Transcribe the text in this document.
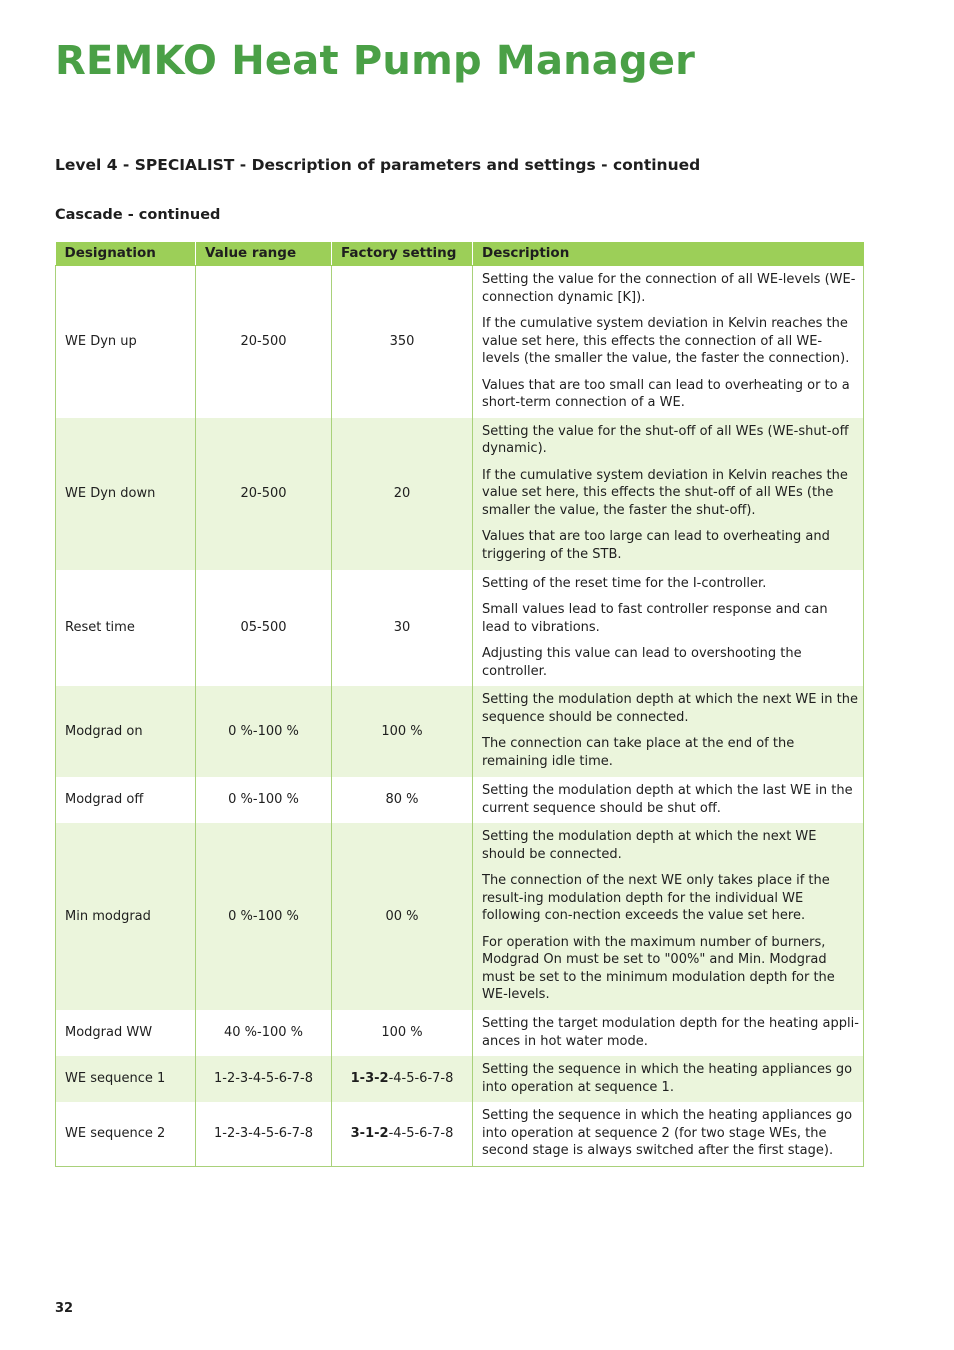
REMKO Heat Pump Manager
Level 4 - SPECIALIST - Description of parameters and settings - continued
Cascade - continued
Designation	Value range	Factory setting	Description
WE Dyn up	20-500	350	Setting the value for the connection of all WE-levels (WE-connection dynamic [K]).

If the cumulative system deviation in Kelvin reaches the value set here, this effects the connection of all WE-levels (the smaller the value, the faster the connection).

Values that are too small can lead to overheating or to a short-term connection of a WE.

WE Dyn down	20-500	20	Setting the value for the shut-off of all WEs (WE-shut-off dynamic).

If the cumulative system deviation in Kelvin reaches the value set here, this effects the shut-off of all WEs (the smaller the value, the faster the shut-off).

Values that are too large can lead to overheating and triggering of the STB.

Reset time	05-500	30	Setting of the reset time for the I-controller.

Small values lead to fast controller response and can lead to vibrations.

Adjusting this value can lead to overshooting the controller.

Modgrad on	0 %-100 %	100 %	Setting the modulation depth at which the next WE in the sequence should be connected.

The connection can take place at the end of the remaining idle time.

Modgrad off	0 %-100 %	80 %	Setting the modulation depth at which the last WE in the current sequence should be shut off.

Min modgrad	0 %-100 %	00 %	Setting the modulation depth at which the next WE should be connected.

The connection of the next WE only takes place if the result-ing modulation depth for the individual WE following con-nection exceeds the value set here.

For operation with the maximum number of burners, Modgrad On must be set to "00%" and Min. Modgrad must be set to the minimum modulation depth for the WE-levels.

Modgrad WW	40 %-100 %	100 %	Setting the target modulation depth for the heating appli-ances in hot water mode.

WE sequence 1	1-2-3-4-5-6-7-8	1-3-2-4-5-6-7-8	Setting the sequence in which the heating appliances go into operation at sequence 1.

WE sequence 2	1-2-3-4-5-6-7-8	3-1-2-4-5-6-7-8	Setting the sequence in which the heating appliances go into operation at sequence 2 (for two stage WEs, the second stage is always switched after the first stage).

32
